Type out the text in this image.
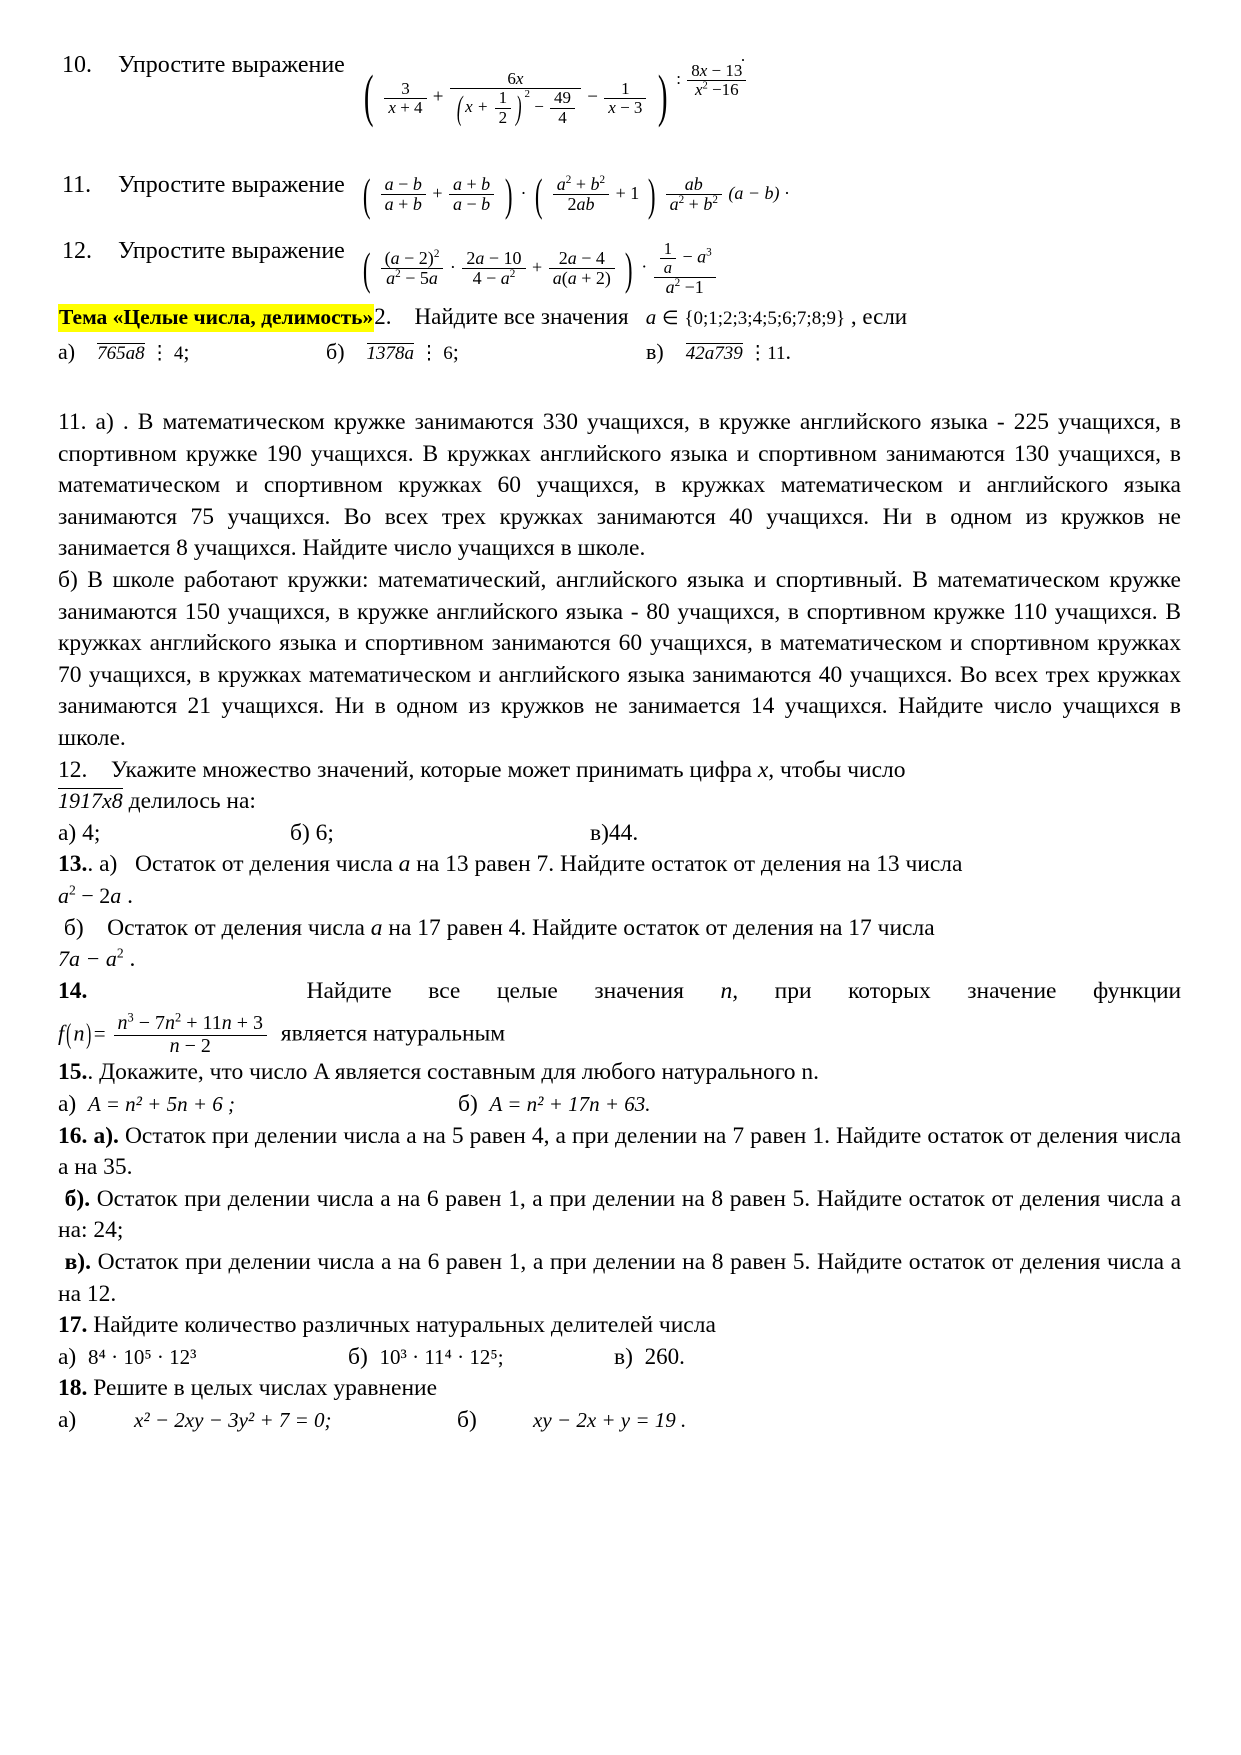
10.	Упростите выражение ( $\frac{3}{x + 4} + \frac{6x}{( x + \frac{1}{2} ) ^2 - \frac{49}{4}} - \frac{1}{x - 3}$ ) : $\frac{8x - 13}{x^2 -16}$
.
11.	Упростите выражение ( $\frac{a - b}{a + b} + \frac{a + b}{a - b}$ ) · ( $\frac{a^2 + b^2}{2ab} + 1$ ) $\frac{ab}{a^2 + b^2} (a - b)$ ·
12.	Упростите выражение ( $\frac{(a - 2)^2}{a^2 - 5a} \cdot \frac{2a - 10}{4 - a^2} + \frac{2a - 4}{a(a + 2)}$ ) · $\frac{\frac{1}{a} - a^3}{a^2 -1}$
Тема «Целые числа, делимость» 2. Найдите все значения a ∈ {0;1;2;3;4;5;6;7;8;9} , если
а) 765a8 ⋮ 4;	б) 1378a ⋮ 6;	в) 42a739 ⋮11.

11. а) . В математическом кружке занимаются 330 учащихся, в кружке английского языка - 225 учащихся, в спортивном кружке 190 учащихся. В кружках английского языка и спортивном занимаются 130 учащихся, в математическом и спортивном кружках 60 учащихся, в кружках математическом и английского языка занимаются 75 учащихся. Во всех трех кружках занимаются 40 учащихся. Ни в одном из кружков не занимается 8 учащихся. Найдите число учащихся в школе.

б) В школе работают кружки: математический, английского языка и спортивный. В математическом кружке занимаются 150 учащихся, в кружке английского языка - 80 учащихся, в спортивном кружке 110 учащихся. В кружках английского языка и спортивном занимаются 60 учащихся, в математическом и спортивном кружках 70 учащихся, в кружках математическом и английского языка занимаются 40 учащихся. Во всех трех кружках занимаются 21 учащихся. Ни в одном из кружков не занимается 14 учащихся. Найдите число учащихся в школе.

12. Укажите множество значений, которые может принимать цифра x, чтобы число

1917x8 делилось на:

а) 4;	б) 6;	в)44.

13.. а) Остаток от деления числа a на 13 равен 7. Найдите остаток от деления на 13 числа

$a^2 - 2a$ .

б) Остаток от деления числа a на 17 равен 4. Найдите остаток от деления на 17 числа

$7a - a^2$ .

14.	Найдите все целые значения n, при которых значение функции

$f(n)= \frac{n^3 - 7n^2 + 11n + 3}{n - 2}$ является натуральным

15.. Докажите, что число A является составным для любого натурального n.

а) A = n² + 5n + 6 ;	б) A = n² + 17n + 63.

16. а). Остаток при делении числа a на 5 равен 4, а при делении на 7 равен 1. Найдите остаток от деления числа a на 35.

б). Остаток при делении числа a на 6 равен 1, а при делении на 8 равен 5. Найдите остаток от деления числа a на: 24;

в). Остаток при делении числа a на 6 равен 1, а при делении на 8 равен 5. Найдите остаток от деления числа a на 12.

17. Найдите количество различных натуральных делителей числа

а) 8⁴ · 10⁵ · 12³	б) 10³ · 11⁴ · 12⁵;	в) 260.

18. Решите в целых числах уравнение

а)	x² − 2xy − 3y² + 7 = 0;	б)	xy − 2x + y = 19 .
